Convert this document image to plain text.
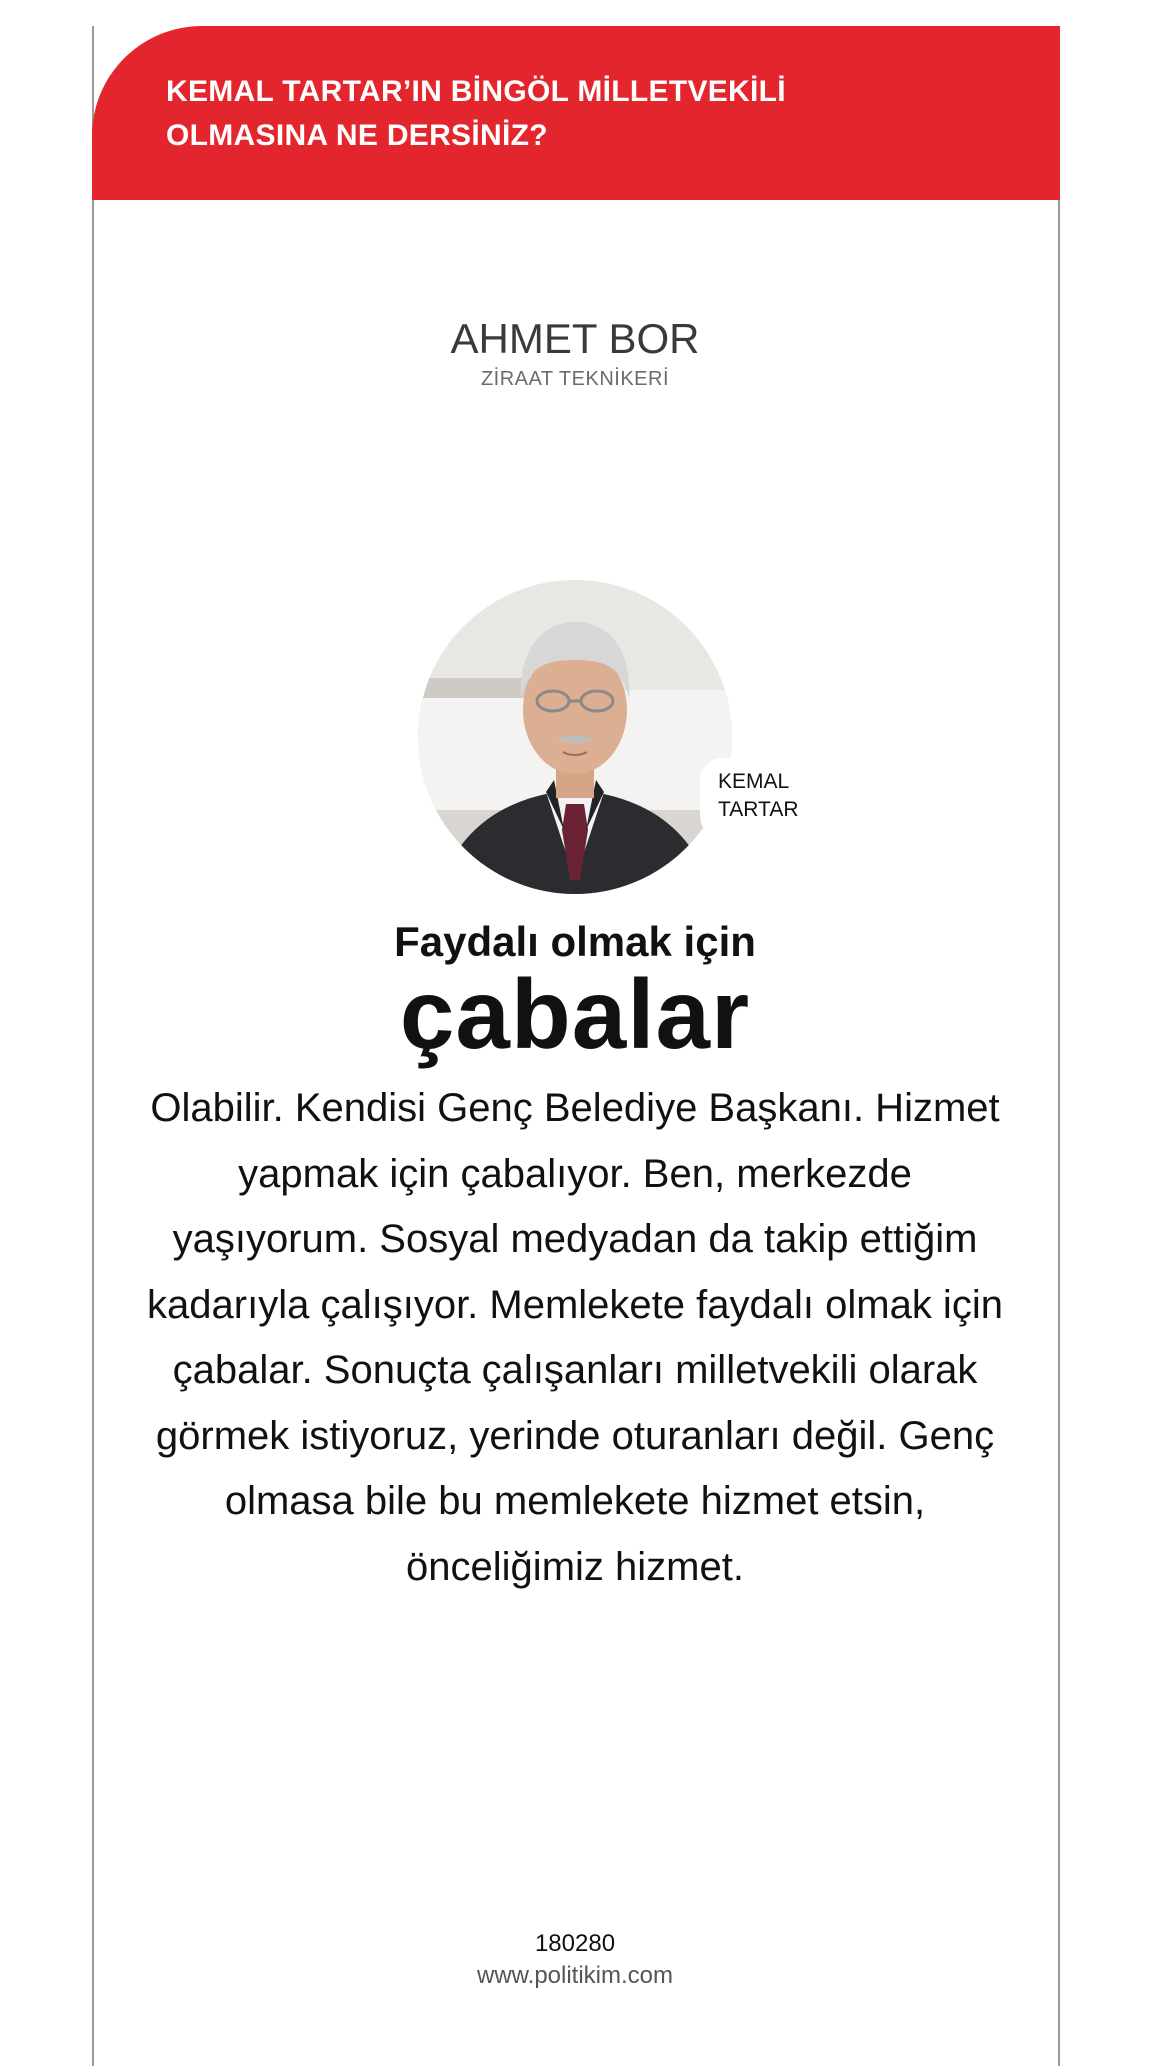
KEMAL TARTAR’IN BİNGÖL MİLLETVEKİLİ
OLMASINA NE DERSİNİZ?
AHMET BOR
ZİRAAT TEKNİKERİ
KEMAL
TARTAR
Faydalı olmak için
çabalar
Olabilir. Kendisi Genç Belediye Başkanı. Hizmet
yapmak için çabalıyor. Ben, merkezde
yaşıyorum. Sosyal medyadan da takip ettiğim
kadarıyla çalışıyor. Memlekete faydalı olmak için
çabalar. Sonuçta çalışanları milletvekili olarak
görmek istiyoruz, yerinde oturanları değil. Genç
olmasa bile bu memlekete hizmet etsin,
önceliğimiz hizmet.
180280
www.politikim.com
